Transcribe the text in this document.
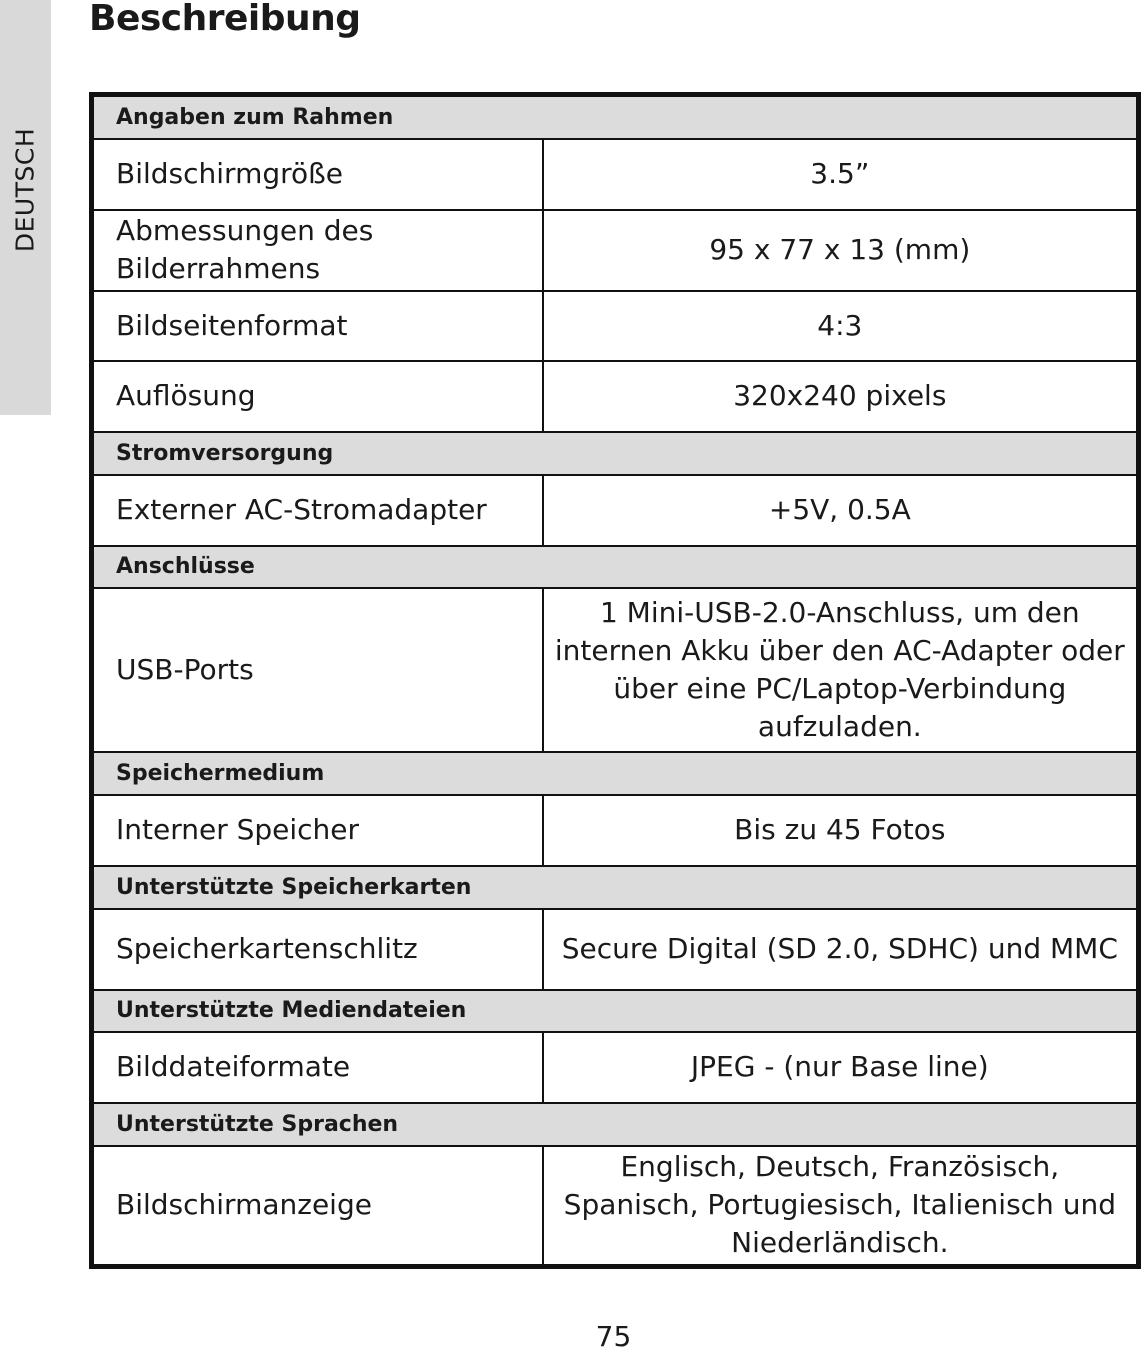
DEUTSCH
Beschreibung
Angaben zum Rahmen	
Bildschirmgröße	3.5”
Abmessungen des Bilderrahmens	95 x 77 x 13 (mm)
Bildseitenformat	4:3
Auflösung	320x240 pixels
Stromversorgung	
Externer AC-Stromadapter	+5V, 0.5A
Anschlüsse	
USB-Ports	1 Mini-USB-2.0-Anschluss, um den internen Akku über den AC-Adapter oder über eine PC/Laptop-Verbindung aufzuladen.
Speichermedium	
Interner Speicher	Bis zu 45 Fotos
Unterstützte Speicherkarten	
Speicherkartenschlitz	Secure Digital (SD 2.0, SDHC) und MMC
Unterstützte Mediendateien	
Bilddateiformate	JPEG - (nur Base line)
Unterstützte Sprachen	
Bildschirmanzeige	Englisch, Deutsch, Französisch, Spanisch, Portugiesisch, Italienisch und Niederländisch.
75
